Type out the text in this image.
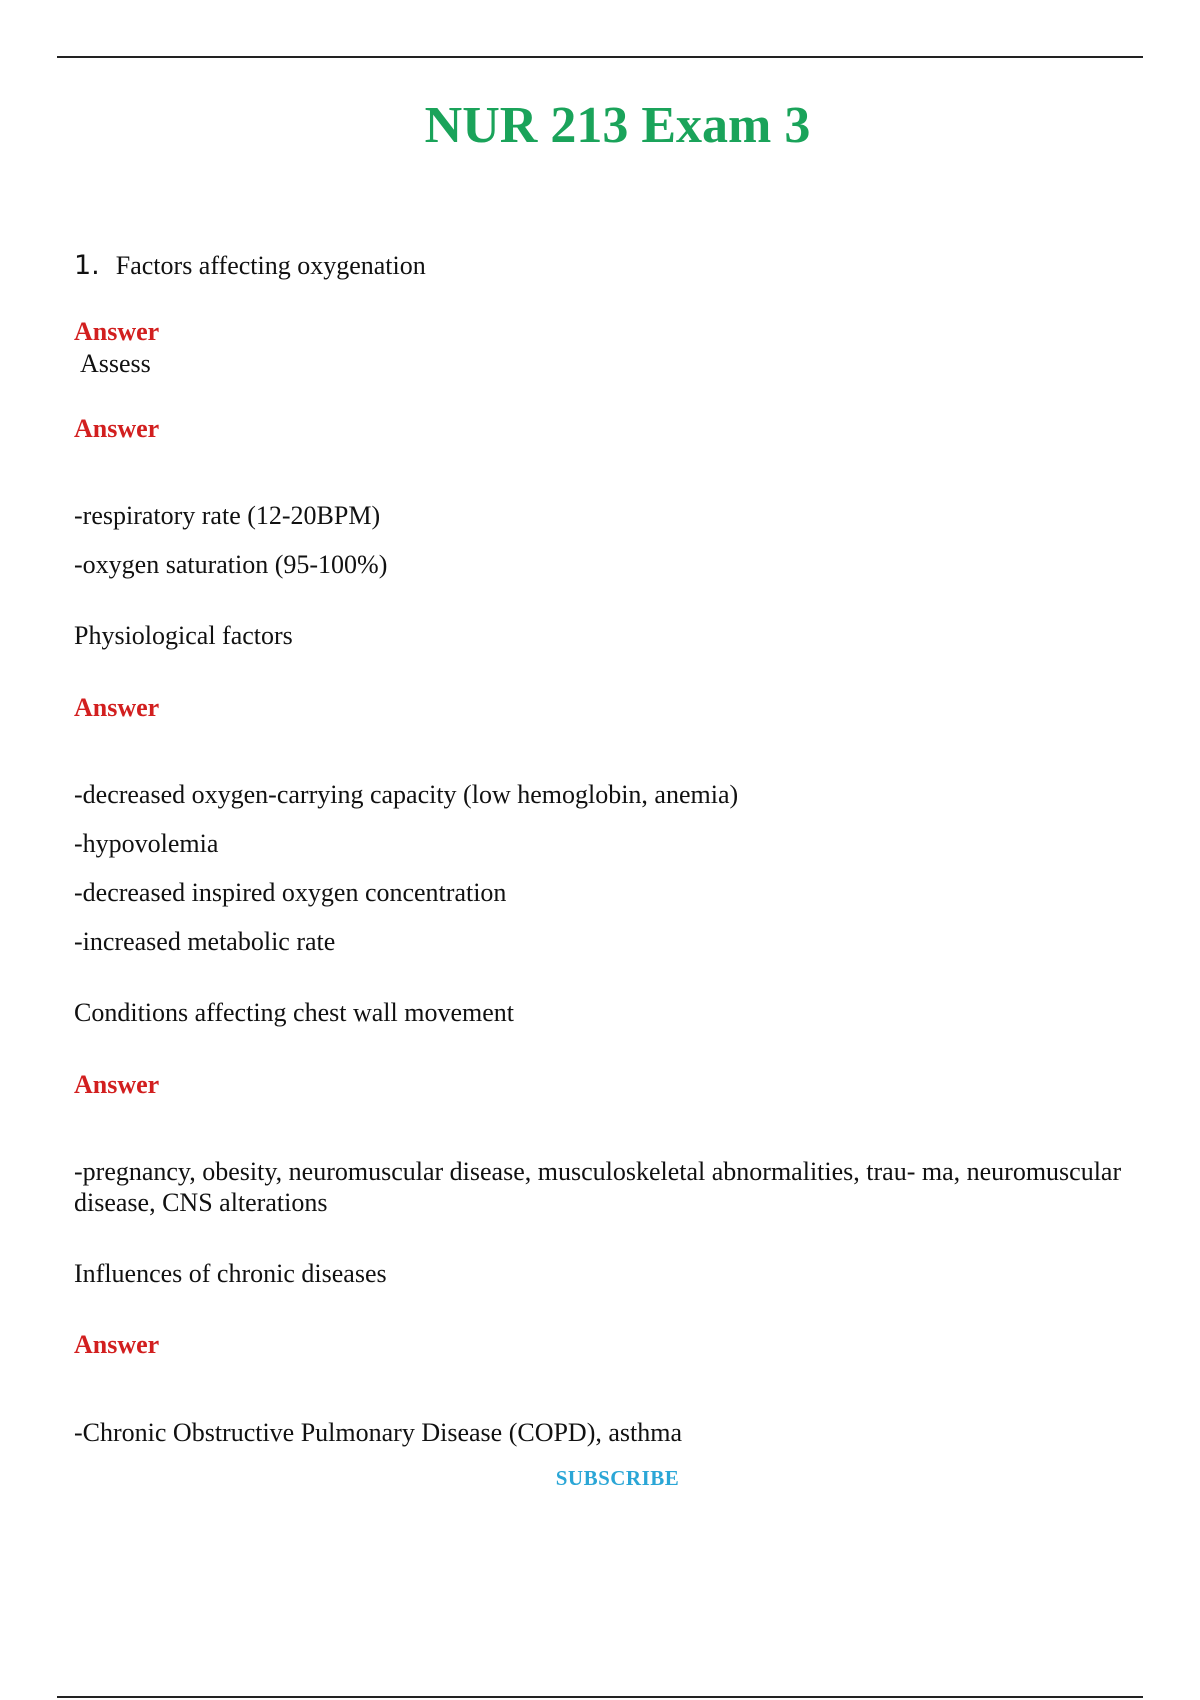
NUR 213 Exam 3
1. Factors affecting oxygenation
Answer
Assess
Answer

-respiratory rate (12-20BPM)

-oxygen saturation (95-100%)

Physiological factors

Answer

-decreased oxygen-carrying capacity (low hemoglobin, anemia)

-hypovolemia

-decreased inspired oxygen concentration

-increased metabolic rate

Conditions affecting chest wall movement

Answer

-pregnancy, obesity, neuromuscular disease, musculoskeletal abnormalities, trau- ma, neuromuscular disease, CNS alterations

Influences of chronic diseases

Answer

-Chronic Obstructive Pulmonary Disease (COPD), asthma

SUBSCRIBE
